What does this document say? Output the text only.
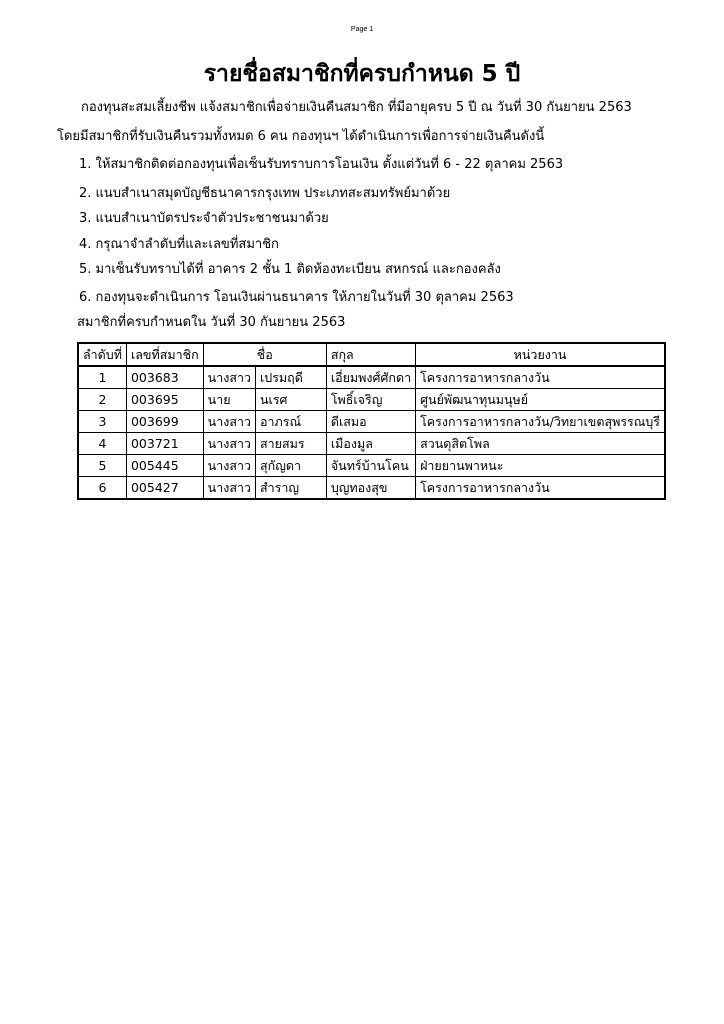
Page 1
รายชื่อสมาชิกที่ครบกำหนด 5 ปี
กองทุนสะสมเลี้ยงชีพ แจ้งสมาชิกเพื่อจ่ายเงินคืนสมาชิก ที่มีอายุครบ 5 ปี ณ วันที่ 30 กันยายน 2563
โดยมีสมาชิกที่รับเงินคืนรวมทั้งหมด 6 คน กองทุนฯ ได้ดำเนินการเพื่อการจ่ายเงินคืนดังนี้
1. ให้สมาชิกติดต่อกองทุนเพื่อเซ็นรับทราบการโอนเงิน ตั้งแต่วันที่ 6 - 22 ตุลาคม 2563
2. แนบสำเนาสมุดบัญชีธนาคารกรุงเทพ ประเภทสะสมทรัพย์มาด้วย
3. แนบสำเนาบัตรประจำตัวประชาชนมาด้วย
4. กรุณาจำลำดับที่และเลขที่สมาชิก
5. มาเซ็นรับทราบได้ที่ อาคาร 2 ชั้น 1 ติดห้องทะเบียน สหกรณ์ และกองคลัง
6. กองทุนจะดำเนินการ โอนเงินผ่านธนาคาร ให้ภายในวันที่ 30 ตุลาคม 2563
สมาชิกที่ครบกำหนดใน วันที่ 30 กันยายน 2563
ลำดับที่	เลขที่สมาชิก	ชื่อ		สกุล	หน่วยงาน
1	003683	นางสาว	เปรมฤดี	เอี่ยมพงศ์ศักดา	โครงการอาหารกลางวัน
2	003695	นาย	นเรศ	โพธิ์เจริญ	ศูนย์พัฒนาทุนมนุษย์
3	003699	นางสาว	อาภรณ์	ดีเสมอ	โครงการอาหารกลางวัน/วิทยาเขตสุพรรณบุรี
4	003721	นางสาว	สายสมร	เมืองมูล	สวนดุสิตโพล
5	005445	นางสาว	สุกัญดา	จันทร์บ้านโคน	ฝ่ายยานพาหนะ
6	005427	นางสาว	สำราญ	บุญทองสุข	โครงการอาหารกลางวัน
